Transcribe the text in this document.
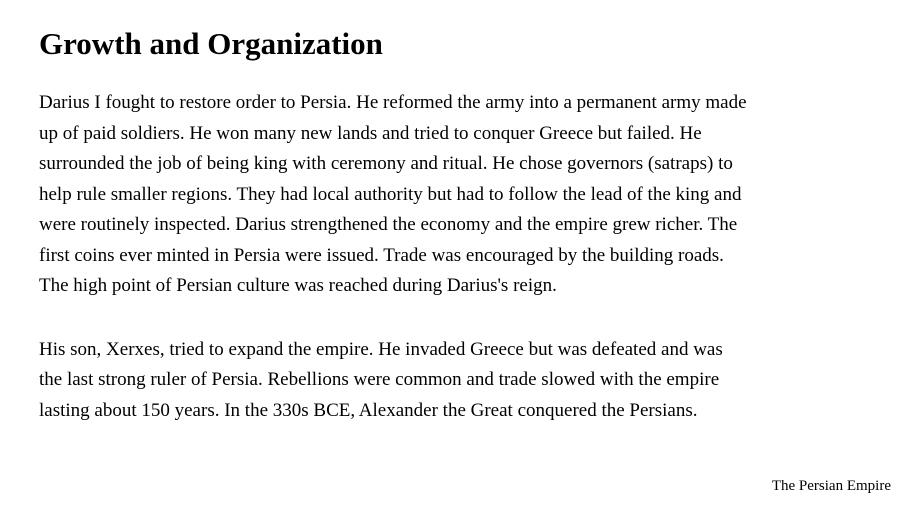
Growth and Organization

Darius I fought to restore order to Persia. He reformed the army into a permanent army made
up of paid soldiers. He won many new lands and tried to conquer Greece but failed. He
surrounded the job of being king with ceremony and ritual. He chose governors (satraps) to
help rule smaller regions. They had local authority but had to follow the lead of the king and
were routinely inspected. Darius strengthened the economy and the empire grew richer. The
first coins ever minted in Persia were issued. Trade was encouraged by the building roads.
The high point of Persian culture was reached during Darius's reign.

His son, Xerxes, tried to expand the empire. He invaded Greece but was defeated and was
the last strong ruler of Persia. Rebellions were common and trade slowed with the empire
lasting about 150 years. In the 330s BCE, Alexander the Great conquered the Persians.

The Persian Empire
